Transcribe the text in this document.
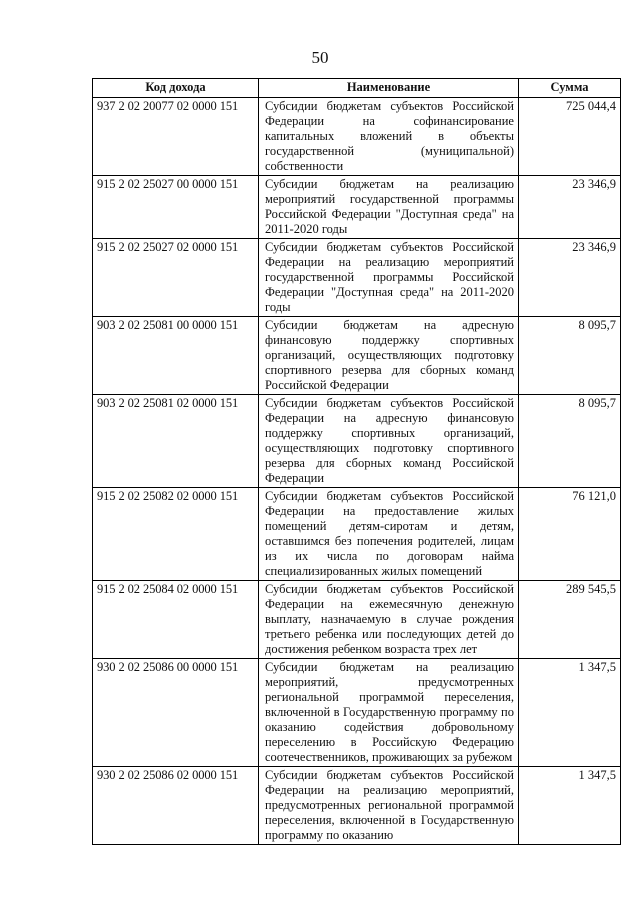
50
Код дохода	Наименование	Сумма
937 2 02 20077 02 0000 151	Субсидии бюджетам субъектов Российской Федерации на софинансирование капитальных вложений в объекты государственной (муниципальной) собственности	725 044,4
915 2 02 25027 00 0000 151	Субсидии бюджетам на реализацию мероприятий государственной программы Российской Федерации "Доступная среда" на 2011-2020 годы	23 346,9
915 2 02 25027 02 0000 151	Субсидии бюджетам субъектов Российской Федерации на реализацию мероприятий государственной программы Российской Федерации "Доступная среда" на 2011-2020 годы	23 346,9
903 2 02 25081 00 0000 151	Субсидии бюджетам на адресную финансовую поддержку спортивных организаций, осуществляющих подготовку спортивного резерва для сборных команд Российской Федерации	8 095,7
903 2 02 25081 02 0000 151	Субсидии бюджетам субъектов Российской Федерации на адресную финансовую поддержку спортивных организаций, осуществляющих подготовку спортивного резерва для сборных команд Российской Федерации	8 095,7
915 2 02 25082 02 0000 151	Субсидии бюджетам субъектов Российской Федерации на предоставление жилых помещений детям-сиротам и детям, оставшимся без попечения родителей, лицам из их числа по договорам найма специализированных жилых помещений	76 121,0
915 2 02 25084 02 0000 151	Субсидии бюджетам субъектов Российской Федерации на ежемесячную денежную выплату, назначаемую в случае рождения третьего ребенка или последующих детей до достижения ребенком возраста трех лет	289 545,5
930 2 02 25086 00 0000 151	Субсидии бюджетам на реализацию мероприятий, предусмотренных региональной программой переселения, включенной в Государственную программу по оказанию содействия добровольному переселению в Российскую Федерацию соотечественников, проживающих за рубежом	1 347,5
930 2 02 25086 02 0000 151	Субсидии бюджетам субъектов Российской Федерации на реализацию мероприятий, предусмотренных региональной программой переселения, включенной в Государственную программу по оказанию	1 347,5
